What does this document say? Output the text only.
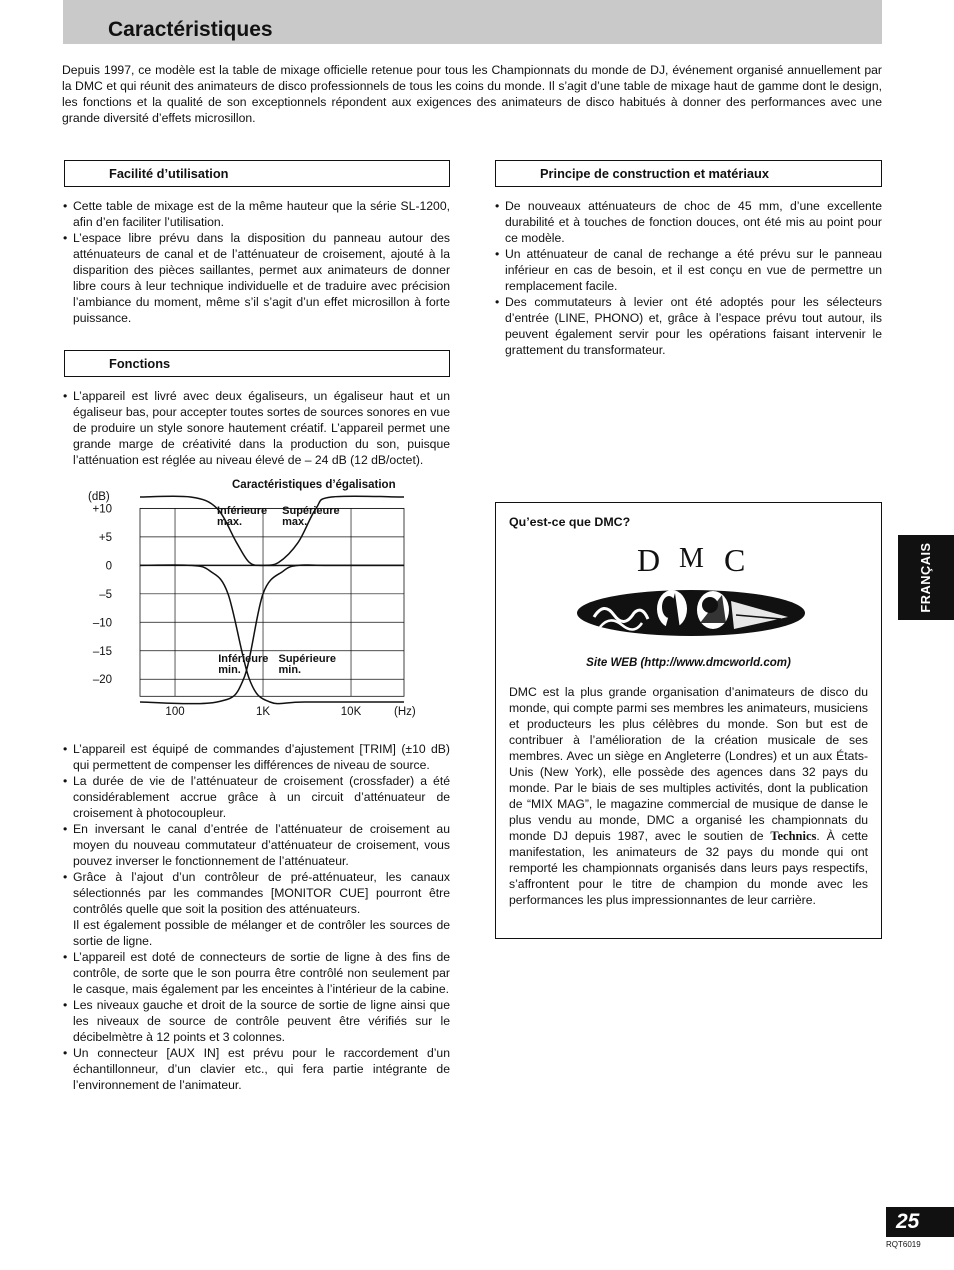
Caractéristiques

Depuis 1997, ce modèle est la table de mixage officielle retenue pour tous les Championnats du monde de DJ, événement organisé annuellement par la DMC et qui réunit des animateurs de disco professionnels de tous les coins du monde. Il s’agit d’une table de mixage haut de gamme dont le design, les fonctions et la qualité de son exceptionnels répondent aux exigences des animateurs de disco habitués à donner des performances avec une grande diversité d’effets microsillon.

Facilité d’utilisation
• Cette table de mixage est de la même hauteur que la série SL-1200, afin d’en faciliter l’utilisation.
• L’espace libre prévu dans la disposition du panneau autour des atténuateurs de canal et de l’atténuateur de croisement, ajouté à la disparition des pièces saillantes, permet aux animateurs de donner libre cours à leur technique individuelle et de traduire avec précision l’ambiance du moment, même s’il s’agit d’un effet microsillon à forte puissance.
Fonctions
• L’appareil est livré avec deux égaliseurs, un égaliseur haut et un égaliseur bas, pour accepter toutes sortes de sources sonores en vue de produire un style sonore hautement créatif. L’appareil permet une grande marge de créativité dans la production du son, puisque l’atténuation est réglée au niveau élevé de – 24 dB (12 dB/octet).
Caractéristiques d’égalisation
(dB)
(Hz)
100	1K	10K
+10
+5
0
–5
–10
–15
–20
Inférieure
max.
Supérieure
max.
Inférieure
min.
Supérieure
min.
• L’appareil est équipé de commandes d’ajustement [TRIM] (±10 dB) qui permettent de compenser les différences de niveau de source.
• La durée de vie de l’atténuateur de croisement (crossfader) a été considérablement accrue grâce à un circuit d’atténuateur de croisement à photocoupleur.
• En inversant le canal d’entrée de l’atténuateur de croisement au moyen du nouveau commutateur d’atténuateur de croisement, vous pouvez inverser le fonctionnement de l’atténuateur.
• Grâce à l’ajout d’un contrôleur de pré-atténuateur, les canaux sélectionnés par les commandes [MONITOR CUE] pourront être contrôlés quelle que soit la position des atténuateurs.
Il est également possible de mélanger et de contrôler les sources de sortie de ligne.
• L’appareil est doté de connecteurs de sortie de ligne à des fins de contrôle, de sorte que le son pourra être contrôlé non seulement par le casque, mais également par les enceintes à l’intérieur de la cabine.
• Les niveaux gauche et droit de la source de sortie de ligne ainsi que les niveaux de source de contrôle peuvent être vérifiés sur le décibelmètre à 12 points et 3 colonnes.
• Un connecteur [AUX IN] est prévu pour le raccordement d’un échantillonneur, d’un clavier etc., qui fera partie intégrante de l’environnement de l’animateur.
Principe de construction et matériaux
• De nouveaux atténuateurs de choc de 45 mm, d’une excellente durabilité et à touches de fonction douces, ont été mis au point pour ce modèle.
• Un atténuateur de canal de rechange a été prévu sur le panneau inférieur en cas de besoin, et il est conçu en vue de permettre un remplacement facile.
• Des commutateurs à levier ont été adoptés pour les sélecteurs d’entrée (LINE, PHONO) et, grâce à l’espace prévu tout autour, ils peuvent également servir pour les opérations faisant intervenir le grattement du transformateur.
Qu’est-ce que DMC?
D M C
Site WEB (http://www.dmcworld.com)

DMC est la plus grande organisation d’animateurs de disco du monde, qui compte parmi ses membres les animateurs, musiciens et producteurs les plus célèbres du monde. Son but est de contribuer à l’amélioration de la création musicale de ses membres. Avec un siège en Angleterre (Londres) et un aux États-Unis (New York), elle possède des agences dans 32 pays du monde. Par le biais de ses multiples activités, dont la publication de “MIX MAG”, le magazine commercial de musique de danse le plus vendu au monde, DMC a organisé les championnats du monde DJ depuis 1987, avec le soutien de Technics. À cette manifestation, les animateurs de 32 pays du monde qui ont remporté les championnats organisés dans leurs pays respectifs, s’affrontent pour le titre de champion du monde avec les performances les plus impressionnantes de leur carrière.

FRANÇAIS
25
RQT6019
